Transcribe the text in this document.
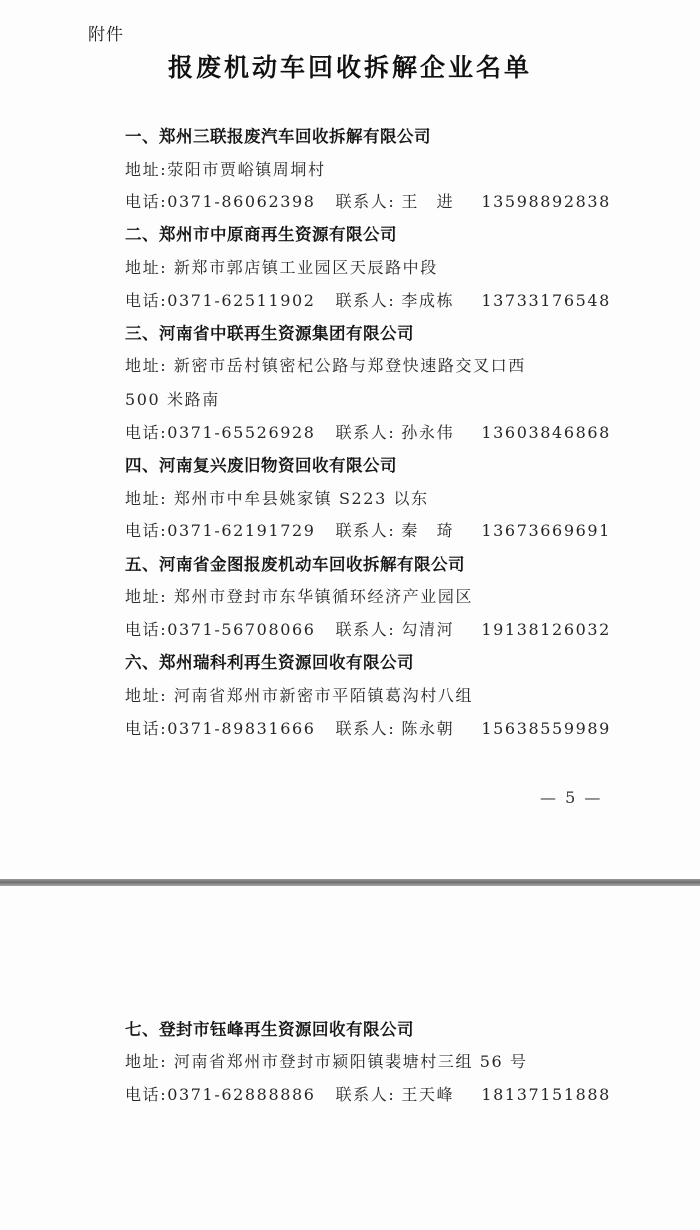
附件
报废机动车回收拆解企业名单
一、郑州三联报废汽车回收拆解有限公司
地址:荥阳市贾峪镇周垌村
电话:0371-86062398 联系人: 王　进 13598892838
二、郑州市中原商再生资源有限公司
地址: 新郑市郭店镇工业园区天辰路中段
电话:0371-62511902 联系人: 李成栋 13733176548
三、河南省中联再生资源集团有限公司
地址: 新密市岳村镇密杞公路与郑登快速路交叉口西
500 米路南
电话:0371-65526928 联系人: 孙永伟 13603846868
四、河南复兴废旧物资回收有限公司
地址: 郑州市中牟县姚家镇 S223 以东
电话:0371-62191729 联系人: 秦　琦 13673669691
五、河南省金图报废机动车回收拆解有限公司
地址: 郑州市登封市东华镇循环经济产业园区
电话:0371-56708066 联系人: 勾清河 19138126032
六、郑州瑞科利再生资源回收有限公司
地址: 河南省郑州市新密市平陌镇葛沟村八组
电话:0371-89831666 联系人: 陈永朝 15638559989
— 5 —
七、登封市钰峰再生资源回收有限公司
地址: 河南省郑州市登封市颍阳镇裴塘村三组 56 号
电话:0371-62888886 联系人: 王天峰 18137151888
